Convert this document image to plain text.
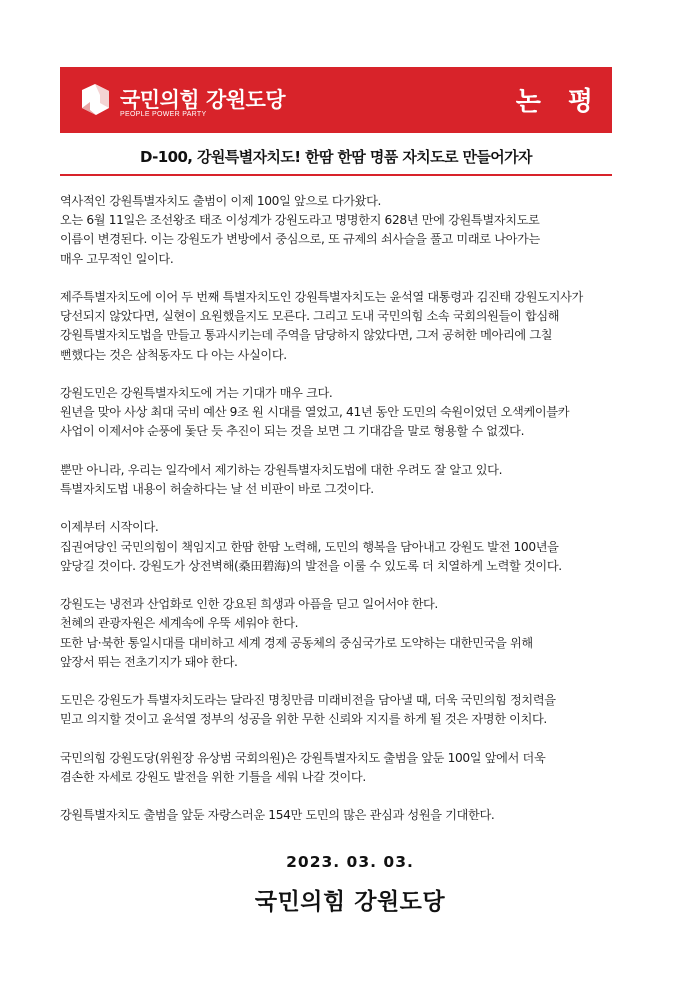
국민의힘 강원도당
PEOPLE POWER PARTY	논 평
D-100, 강원특별자치도! 한땀 한땀 명품 자치도로 만들어가자
역사적인 강원특별자치도 출범이 이제 100일 앞으로 다가왔다.
오는 6월 11일은 조선왕조 태조 이성계가 강원도라고 명명한지 628년 만에 강원특별자치도로
이름이 변경된다. 이는 강원도가 변방에서 중심으로, 또 규제의 쇠사슬을 풀고 미래로 나아가는
매우 고무적인 일이다.
제주특별자치도에 이어 두 번째 특별자치도인 강원특별자치도는 윤석열 대통령과 김진태 강원도지사가
당선되지 않았다면, 실현이 요원했을지도 모른다. 그리고 도내 국민의힘 소속 국회의원들이 합심해
강원특별자치도법을 만들고 통과시키는데 주역을 담당하지 않았다면, 그저 공허한 메아리에 그칠
뻔했다는 것은 삼척동자도 다 아는 사실이다.
강원도민은 강원특별자치도에 거는 기대가 매우 크다.
원년을 맞아 사상 최대 국비 예산 9조 원 시대를 열었고, 41년 동안 도민의 숙원이었던 오색케이블카
사업이 이제서야 순풍에 돛단 듯 추진이 되는 것을 보면 그 기대감을 말로 형용할 수 없겠다.
뿐만 아니라, 우리는 일각에서 제기하는 강원특별자치도법에 대한 우려도 잘 알고 있다.
특별자치도법 내용이 허술하다는 날 선 비판이 바로 그것이다.
이제부터 시작이다.
집권여당인 국민의힘이 책임지고 한땀 한땀 노력해, 도민의 행복을 담아내고 강원도 발전 100년을
앞당길 것이다. 강원도가 상전벽해(桑田碧海)의 발전을 이룰 수 있도록 더 치열하게 노력할 것이다.
강원도는 냉전과 산업화로 인한 강요된 희생과 아픔을 딛고 일어서야 한다.
천혜의 관광자원은 세계속에 우뚝 세워야 한다.
또한 남·북한 통일시대를 대비하고 세계 경제 공동체의 중심국가로 도약하는 대한민국을 위해
앞장서 뛰는 전초기지가 돼야 한다.
도민은 강원도가 특별자치도라는 달라진 명칭만큼 미래비전을 담아낼 때, 더욱 국민의힘 정치력을
믿고 의지할 것이고 윤석열 정부의 성공을 위한 무한 신뢰와 지지를 하게 될 것은 자명한 이치다.
국민의힘 강원도당(위원장 유상범 국회의원)은 강원특별자치도 출범을 앞둔 100일 앞에서 더욱
겸손한 자세로 강원도 발전을 위한 기틀을 세워 나갈 것이다.
강원특별자치도 출범을 앞둔 자랑스러운 154만 도민의 많은 관심과 성원을 기대한다.
2023. 03. 03.
국민의힘 강원도당
